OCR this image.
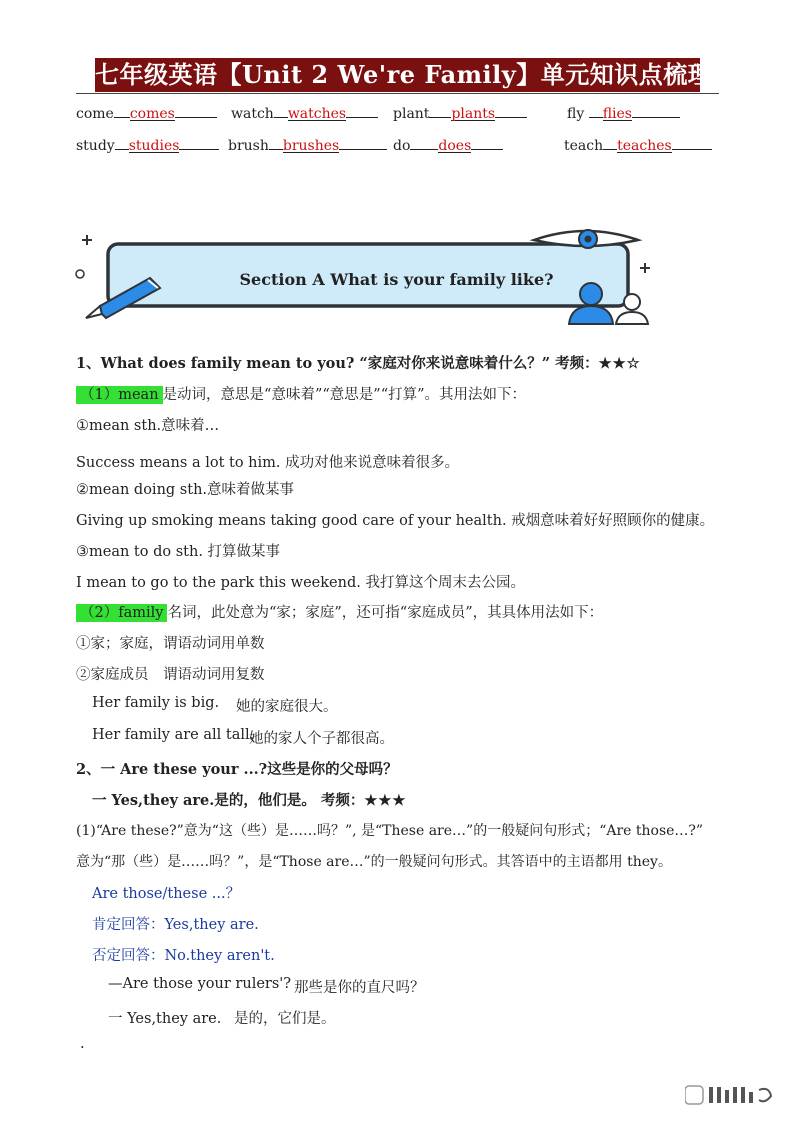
七年级英语【Unit 2 We're Family】单元知识点梳理
come comes	watch watches	plant plants	fly flies
study studies	brush brushes	do does	teach teaches
Section A What is your family like?
1、What does family mean to you? “家庭对你来说意味着什么？” 考频：★★☆
（1）mean 是动词，意思是“意味着”“意思是”“打算”。其用法如下：
①mean sth.意味着…
Success means a lot to him. 成功对他来说意味着很多。
②mean doing sth.意味着做某事
Giving up smoking means taking good care of your health. 戒烟意味着好好照顾你的健康。
③mean to do sth. 打算做某事
I mean to go to the park this weekend. 我打算这个周末去公园。
（2）family 名词，此处意为“家；家庭”，还可指“家庭成员”，其具体用法如下：
①家；家庭，谓语动词用单数
②家庭成员　谓语动词用复数
Her family is big. 她的家庭很大。
Her family are all tall.
她的家人个子都很高。
2、一 Are these your ...?这些是你的父母吗？
一 Yes,they are.是的，他们是。 考频：★★★
(1)“Are these?”意为“这（些）是……吗？”, 是“These are…”的一般疑问句形式；“Are those…?”
意为“那（些）是……吗？”，是“Those are…”的一般疑问句形式。其答语中的主语都用 they。
Are those/these ...？
肯定回答：Yes,they are.
否定回答：No.they aren't.
—Are those your rulers'? 那些是你的直尺吗？
一 Yes,they are. 是的，它们是。
.
